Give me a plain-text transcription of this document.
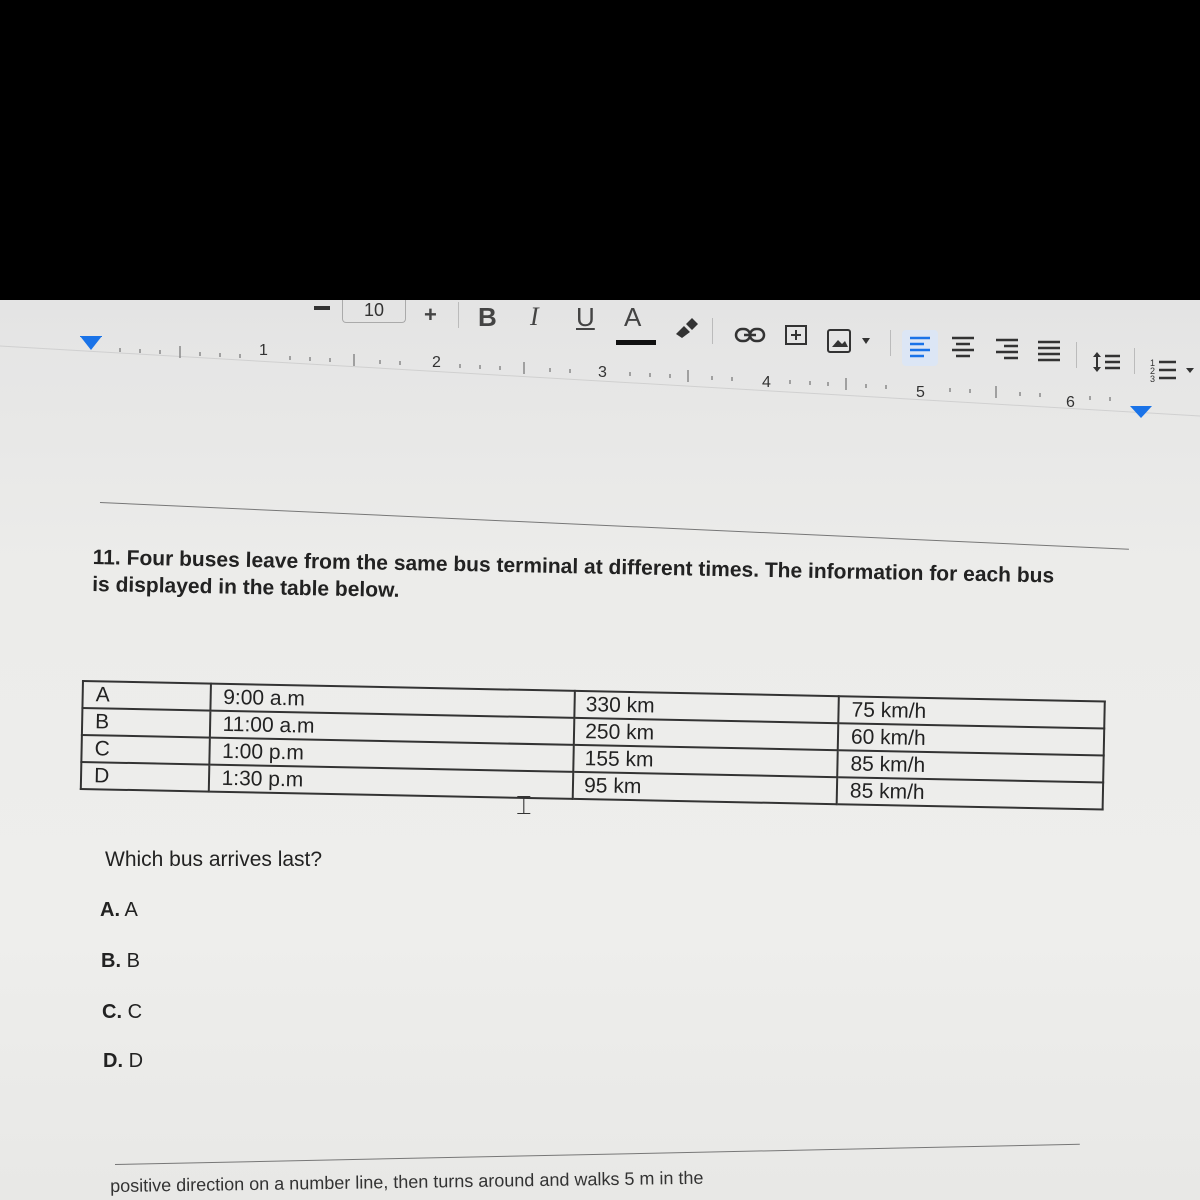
10	+ B I U A
1
2
3
1
2
3
4
5
6
11. Four buses leave from the same bus terminal at different times. The information for each bus is displayed in the table below.
A	9:00 a.m	330 km	75 km/h
B	11:00 a.m	250 km	60 km/h
C	1:00 p.m	155 km	85 km/h
D	1:30 p.m	95 km	85 km/h
⌶
Which bus arrives last?
A. A
B. B
C. C
D. D
positive direction on a number line, then turns around and walks 5 m in the
